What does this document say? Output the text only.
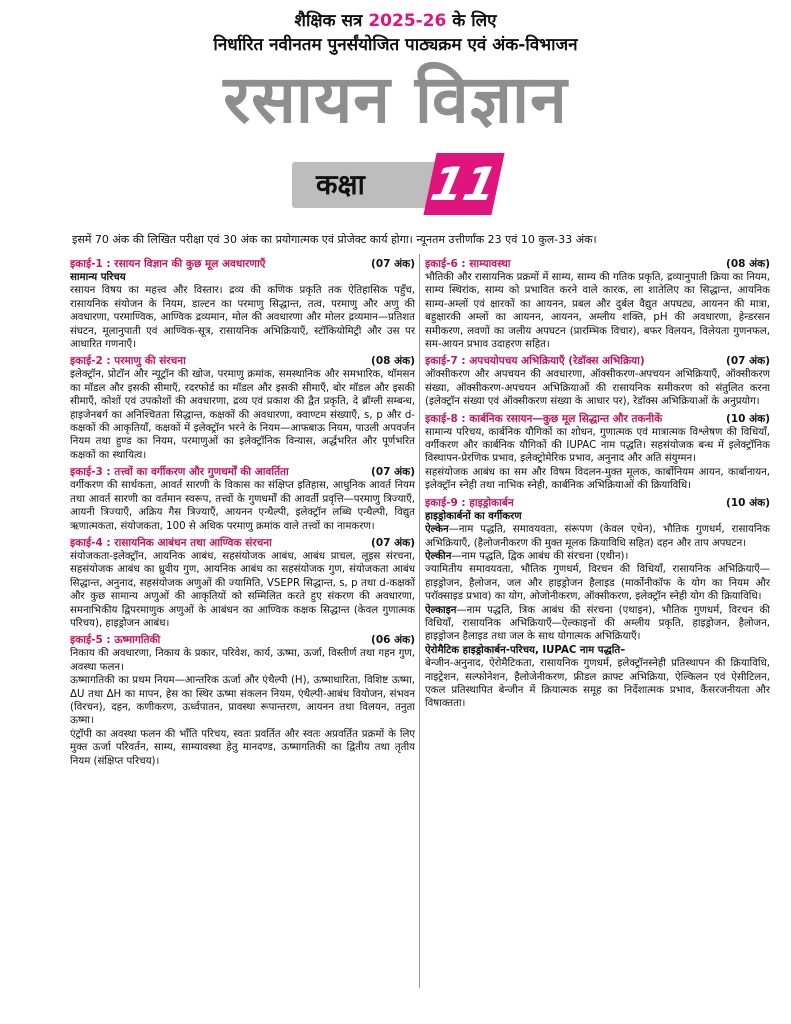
शैक्षिक सत्र 2025-26 के लिए
निर्धारित नवीनतम पुनर्संयोजित पाठ्यक्रम एवं अंक-विभाजन
रसायन विज्ञान
कक्षा 11
इसमें 70 अंक की लिखित परीक्षा एवं 30 अंक का प्रयोगात्मक एवं प्रोजेक्ट कार्य होगा। न्यूनतम उत्तीर्णांक 23 एवं 10 कुल-33 अंक।
इकाई-1 : रसायन विज्ञान की कुछ मूल अवधारणाएँ	(07 अंक)

सामान्य परिचय

रसायन विषय का महत्त्व और विस्तार। द्रव्य की कणिक प्रकृति तक ऐतिहासिक पहुँच, रासायनिक संयोजन के नियम, डाल्टन का परमाणु सिद्धान्त, तत्व, परमाणु और अणु की अवधारणा, परमाण्विक, आण्विक द्रव्यमान, मोल की अवधारणा और मोलर द्रव्यमान—प्रतिशत संघटन, मूलानुपाती एवं आण्विक-सूत्र, रासायनिक अभिक्रियाएँ, स्टॉकियोमिट्री और उस पर आधारित गणनाएँ।

इकाई-2 : परमाणु की संरचना	(08 अंक)

इलेक्ट्रॉन, प्रोटॉन और न्यूट्रॉन की खोज, परमाणु क्रमांक, समस्थानिक और समभारिक, थॉमसन का मॉडल और इसकी सीमाएँ, रदरफोर्ड का मॉडल और इसकी सीमाएँ, बोर मॉडल और इसकी सीमाएँ, कोशों एवं उपकोशों की अवधारणा, द्रव्य एवं प्रकाश की द्वैत प्रकृति, दे ब्रॉग्ली सम्बन्ध, हाइजेनबर्ग का अनिश्चितता सिद्धान्त, कक्षकों की अवधारणा, क्वाण्टम संख्याएँ, s, p और d-कक्षकों की आकृतियाँ, कक्षकों में इलेक्ट्रॉन भरने के नियम—आफबाऊ नियम, पाउली अपवर्जन नियम तथा हुण्ड का नियम, परमाणुओं का इलेक्ट्रॉनिक विन्यास, अर्द्धभरित और पूर्णभरित कक्षकों का स्थायित्व।

इकाई-3 : तत्त्वों का वर्गीकरण और गुणधर्मों की आवर्तिता	(07 अंक)

वर्गीकरण की सार्थकता, आवर्त सारणी के विकास का संक्षिप्त इतिहास, आधुनिक आवर्त नियम तथा आवर्त सारणी का वर्तमान स्वरूप, तत्त्वों के गुणधर्मों की आवर्ती प्रवृत्ति—परमाणु त्रिज्याएँ, आयनी त्रिज्याएँ, अक्रिय गैस त्रिज्याएँ, आयनन एन्थैल्पी, इलेक्ट्रॉन लब्धि एन्थैल्पी, विद्युत ऋणात्मकता, संयोजकता, 100 से अधिक परमाणु क्रमांक वाले तत्त्वों का नामकरण।

इकाई-4 : रासायनिक आबंधन तथा आण्विक संरचना	(07 अंक)

संयोजकता-इलेक्ट्रॉन, आयनिक आबंध, सहसंयोजक आबंध, आबंध प्राचल, लूइस संरचना, सहसंयोजक आबंध का ध्रुवीय गुण, आयनिक आबंध का सहसंयोजक गुण, संयोजकता आबंध सिद्धान्त, अनुनाद, सहसंयोजक अणुओं की ज्यामिति, VSEPR सिद्धान्त, s, p तथा d-कक्षकों और कुछ सामान्य अणुओं की आकृतियों को सम्मिलित करते हुए संकरण की अवधारणा, समनाभिकीय द्विपरमाणुक अणुओं के आबंधन का आण्विक कक्षक सिद्धान्त (केवल गुणात्मक परिचय), हाइड्रोजन आबंध।

इकाई-5 : ऊष्मागतिकी	(06 अंक)

निकाय की अवधारणा, निकाय के प्रकार, परिवेश, कार्य, ऊष्मा, ऊर्जा, विस्तीर्ण तथा गहन गुण, अवस्था फलन।

ऊष्मागतिकी का प्रथम नियम—आन्तरिक ऊर्जा और एंथैल्पी (H), ऊष्माधारिता, विशिष्ट ऊष्मा, ΔU तथा ΔH का मापन, हेस का स्थिर ऊष्मा संकलन नियम, एंथैल्पी-आबंध वियोजन, संभवन (विरचन), दहन, कणीकरण, ऊर्ध्वपातन, प्रावस्था रूपान्तरण, आयनन तथा विलयन, तनुता ऊष्मा।

एंट्रॉपी का अवस्था फलन की भाँति परिचय, स्वतः प्रवर्तित और स्वतः अप्रवर्तित प्रक्रमों के लिए मुक्त ऊर्जा परिवर्तन, साम्य, साम्यावस्था हेतु मानदण्ड, ऊष्मागतिकी का द्वितीय तथा तृतीय नियम (संक्षिप्त परिचय)।

इकाई-6 : साम्यावस्था	(08 अंक)

भौतिकी और रासायनिक प्रक्रमों में साम्य, साम्य की गतिक प्रकृति, द्रव्यानुपाती क्रिया का नियम, साम्य स्थिरांक, साम्य को प्रभावित करने वाले कारक, ला शातेलिए का सिद्धान्त, आयनिक साम्य-अम्लों एवं क्षारकों का आयनन, प्रबल और दुर्बल वैद्युत अपघट्य, आयनन की मात्रा, बहुक्षारकी अम्लों का आयनन, आयनन, अम्लीय शक्ति, pH की अवधारणा, हेन्डरसन समीकरण, लवणों का जलीय अपघटन (प्रारम्भिक विचार), बफर विलयन, विलेयता गुणनफल, सम-आयन प्रभाव उदाहरण सहित।

इकाई-7 : अपचयोपचय अभिक्रियाएँ (रेडॉक्स अभिक्रिया)	(07 अंक)

ऑक्सीकरण और अपचयन की अवधारणा, ऑक्सीकरण-अपचयन अभिक्रियाएँ, ऑक्सीकरण संख्या, ऑक्सीकरण-अपचयन अभिक्रियाओं की रासायनिक समीकरण को संतुलित करना (इलेक्ट्रॉन संख्या एवं ऑक्सीकरण संख्या के आधार पर), रेडॉक्स अभिक्रियाओं के अनुप्रयोग।

इकाई-8 : कार्बनिक रसायन—कुछ मूल सिद्धान्त और तकनीकें	(10 अंक)

सामान्य परिचय, कार्बनिक यौगिकों का शोधन, गुणात्मक एवं मात्रात्मक विश्लेषण की विधियाँ, वर्गीकरण और कार्बनिक यौगिकों की IUPAC नाम पद्धति। सहसंयोजक बन्ध में इलेक्ट्रॉनिक विस्थापन-प्रेरणिक प्रभाव, इलेक्ट्रोमेरिक प्रभाव, अनुनाद और अति संयुग्मन।

सहसंयोजक आबंध का सम और विषम विदलन-मुक्त मूलक, कार्बोनियम आयन, कार्बानायन, इलेक्ट्रॉन स्नेही तथा नाभिक स्नेही, कार्बनिक अभिक्रियाओं की क्रियाविधि।

इकाई-9 : हाइड्रोकार्बन	(10 अंक)

हाइड्रोकार्बनों का वर्गीकरण

ऐल्केन—नाम पद्धति, समावयवता, संरूपण (केवल एथेन), भौतिक गुणधर्म, रासायनिक अभिक्रियाएँ, (हैलोजनीकरण की मुक्त मूलक क्रियाविधि सहित) दहन और ताप अपघटन।

ऐल्कीन—नाम पद्धति, द्विक आबंध की संरचना (एथीन)।

ज्यामितीय समावयवता, भौतिक गुणधर्म, विरचन की विधियाँ, रासायनिक अभिक्रियाएँ—हाइड्रोजन, हैलोजन, जल और हाइड्रोजन हैलाइड (मार्कोनीकॉफ के योग का नियम और परॉक्साइड प्रभाव) का योग, ओजोनीकरण, ऑक्सीकरण, इलेक्ट्रॉन स्नेही योग की क्रियाविधि।

ऐल्काइन—नाम पद्धति, त्रिक आबंध की संरचना (एथाइन), भौतिक गुणधर्म, विरचन की विधियाँ, रासायनिक अभिक्रियाएँ—ऐल्काइनों की अम्लीय प्रकृति, हाइड्रोजन, हैलोजन, हाइड्रोजन हैलाइड तथा जल के साथ योगात्मक अभिक्रियाएँ।

ऐरोमैटिक हाइड्रोकार्बन-परिचय, IUPAC नाम पद्धति–

बेन्जीन-अनुनाद, ऐरोमैटिकता, रासायनिक गुणधर्म, इलेक्ट्रॉनस्नेही प्रतिस्थापन की क्रियाविधि, नाइट्रेशन, सल्फोनेशन, हैलोजेनीकरण, फ्रीडल क्राफ्ट अभिक्रिया, ऐल्किलन एवं ऐसीटिलन, एकल प्रतिस्थापित बेन्जीन में क्रियात्मक समूह का निर्देशात्मक प्रभाव, कैंसरजनीयता और विषाक्तता।
